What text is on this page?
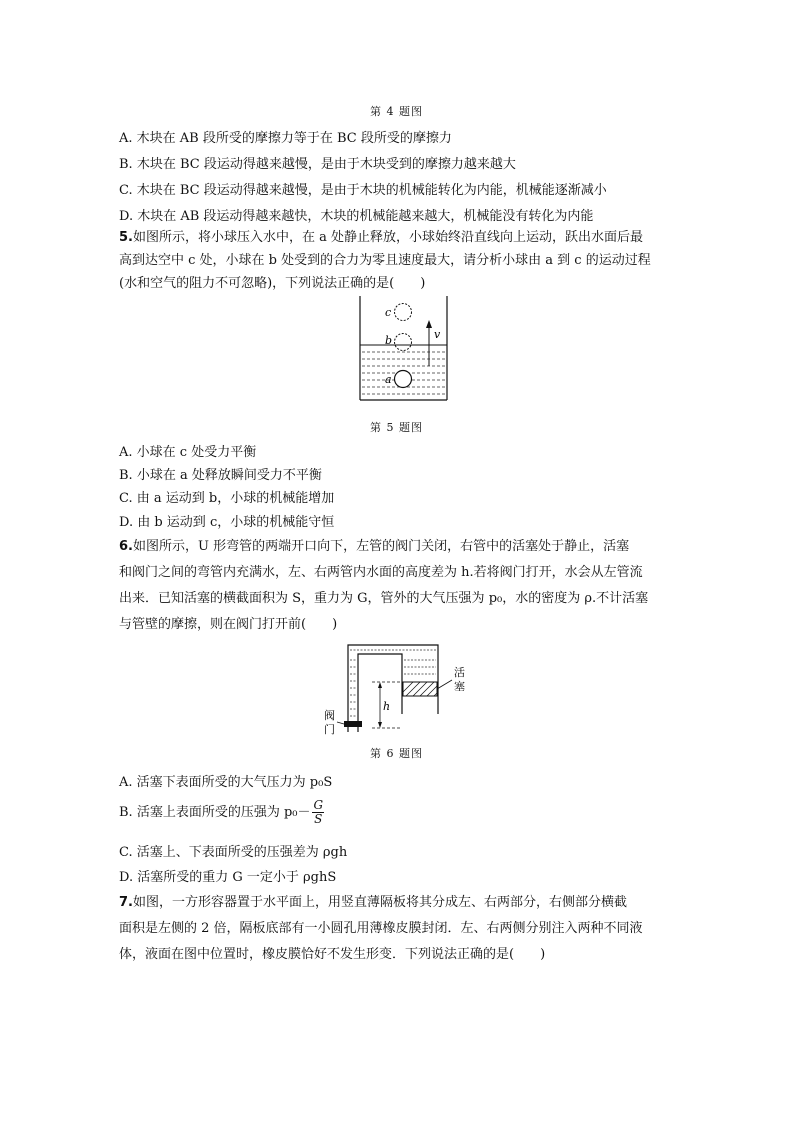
第 4 题图
A. 木块在 AB 段所受的摩擦力等于在 BC 段所受的摩擦力
B. 木块在 BC 段运动得越来越慢，是由于木块受到的摩擦力越来越大
C. 木块在 BC 段运动得越来越慢，是由于木块的机械能转化为内能，机械能逐渐减小
D. 木块在 AB 段运动得越来越快，木块的机械能越来越大，机械能没有转化为内能
5.如图所示，将小球压入水中，在 a 处静止释放，小球始终沿直线向上运动，跃出水面后最
高到达空中 c 处，小球在 b 处受到的合力为零且速度最大，请分析小球由 a 到 c 的运动过程
(水和空气的阻力不可忽略)，下列说法正确的是(　　)
v
c
b
a
第 5 题图
A. 小球在 c 处受力平衡
B. 小球在 a 处释放瞬间受力不平衡
C. 由 a 运动到 b，小球的机械能增加
D. 由 b 运动到 c，小球的机械能守恒
6.如图所示，U 形弯管的两端开口向下，左管的阀门关闭，右管中的活塞处于静止，活塞
和阀门之间的弯管内充满水，左、右两管内水面的高度差为 h.若将阀门打开，水会从左管流
出来．已知活塞的横截面积为 S，重力为 G，管外的大气压强为 p₀，水的密度为 ρ.不计活塞
与管壁的摩擦，则在阀门打开前(　　)
活
塞
h
阀
门
第 6 题图
A. 活塞下表面所受的大气压力为 p₀S
B. 活塞上表面所受的压强为 $p_0- \frac{G}{S}$
C. 活塞上、下表面所受的压强差为 ρgh
D. 活塞所受的重力 G 一定小于 ρghS
7.如图，一方形容器置于水平面上，用竖直薄隔板将其分成左、右两部分，右侧部分横截
面积是左侧的 2 倍，隔板底部有一小圆孔用薄橡皮膜封闭．左、右两侧分别注入两种不同液
体，液面在图中位置时，橡皮膜恰好不发生形变．下列说法正确的是(　　)
